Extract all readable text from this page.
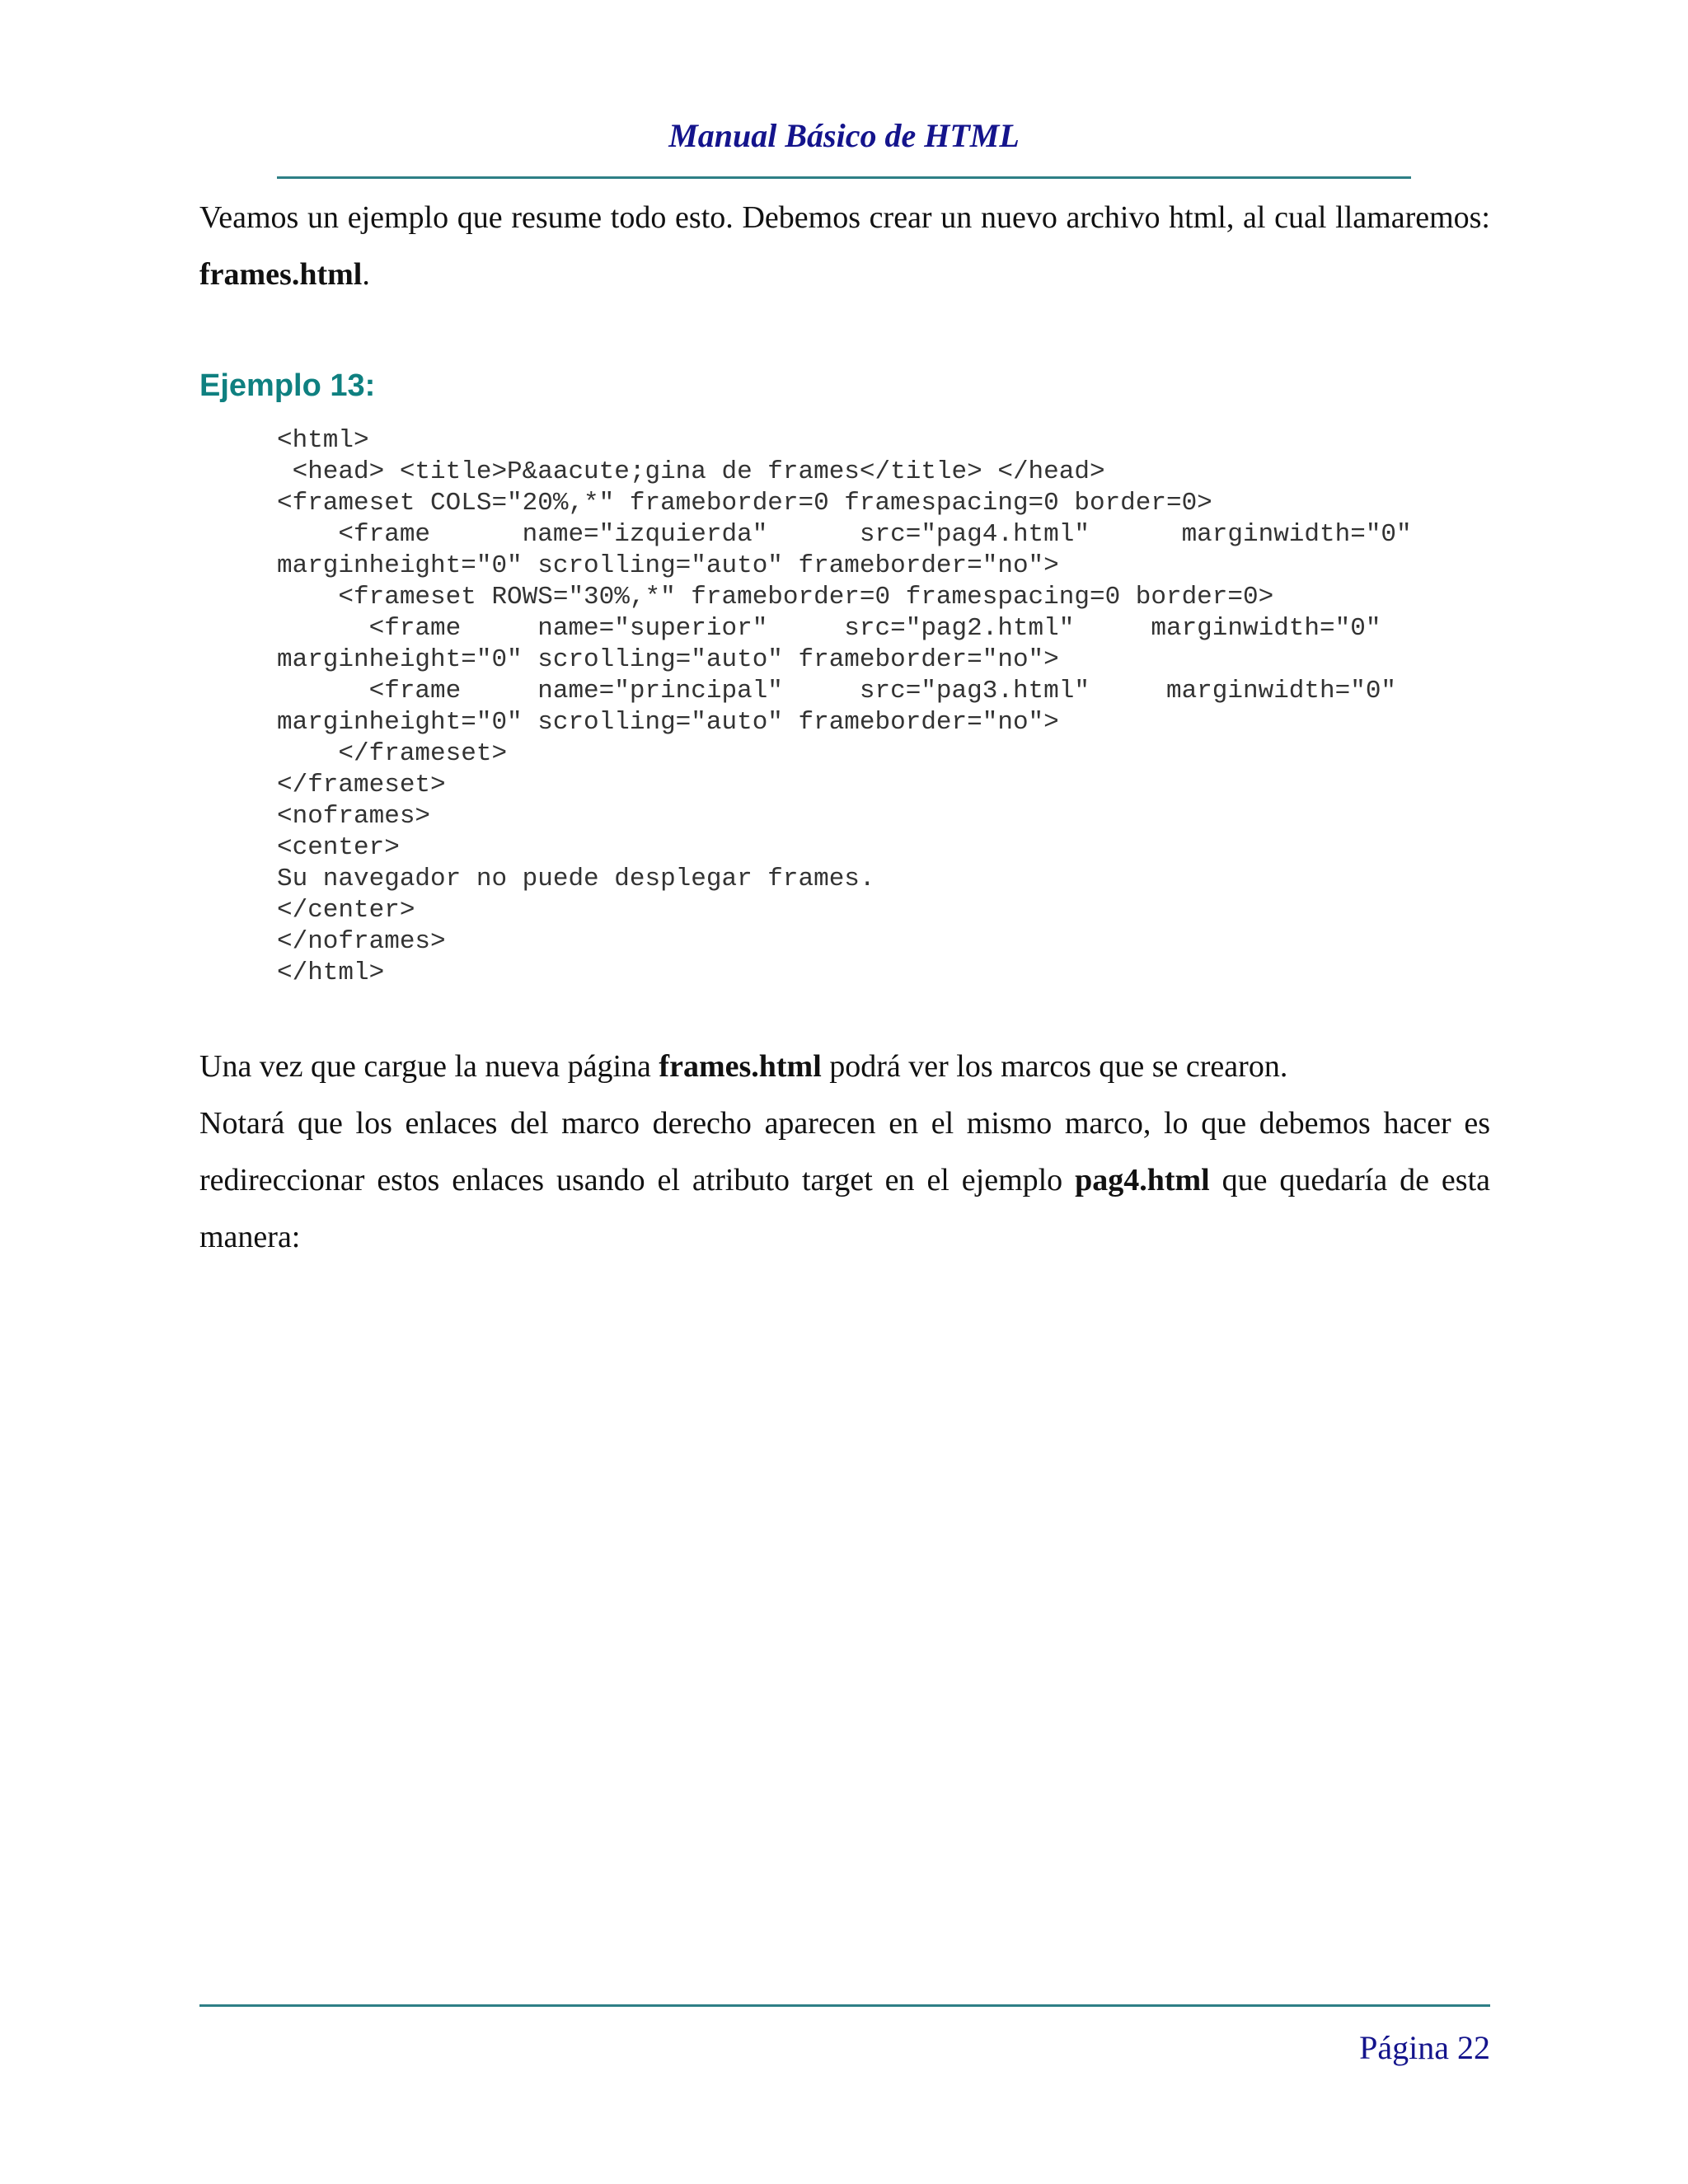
Manual Básico de HTML

Veamos un ejemplo que resume todo esto. Debemos crear un nuevo archivo html, al cual llamaremos: frames.html.

Ejemplo 13:
<html>
<head> <title>P&aacute;gina de frames</title> </head>
<frameset COLS="20%,*" frameborder=0 framespacing=0 border=0>
<frame      name="izquierda"      src="pag4.html"      marginwidth="0"
marginheight="0" scrolling="auto" frameborder="no">
<frameset ROWS="30%,*" frameborder=0 framespacing=0 border=0>
<frame     name="superior"     src="pag2.html"     marginwidth="0"
marginheight="0" scrolling="auto" frameborder="no">
<frame     name="principal"     src="pag3.html"     marginwidth="0"
marginheight="0" scrolling="auto" frameborder="no">
</frameset>
</frameset>
<noframes>
<center>
Su navegador no puede desplegar frames.
</center>
</noframes>
</html>

Una vez que cargue la nueva página frames.html podrá ver los marcos que se crearon.

Notará que los enlaces del marco derecho aparecen en el mismo marco, lo que debemos hacer es redireccionar estos enlaces usando el atributo target en el ejemplo pag4.html que quedaría de esta manera:

Página 22
